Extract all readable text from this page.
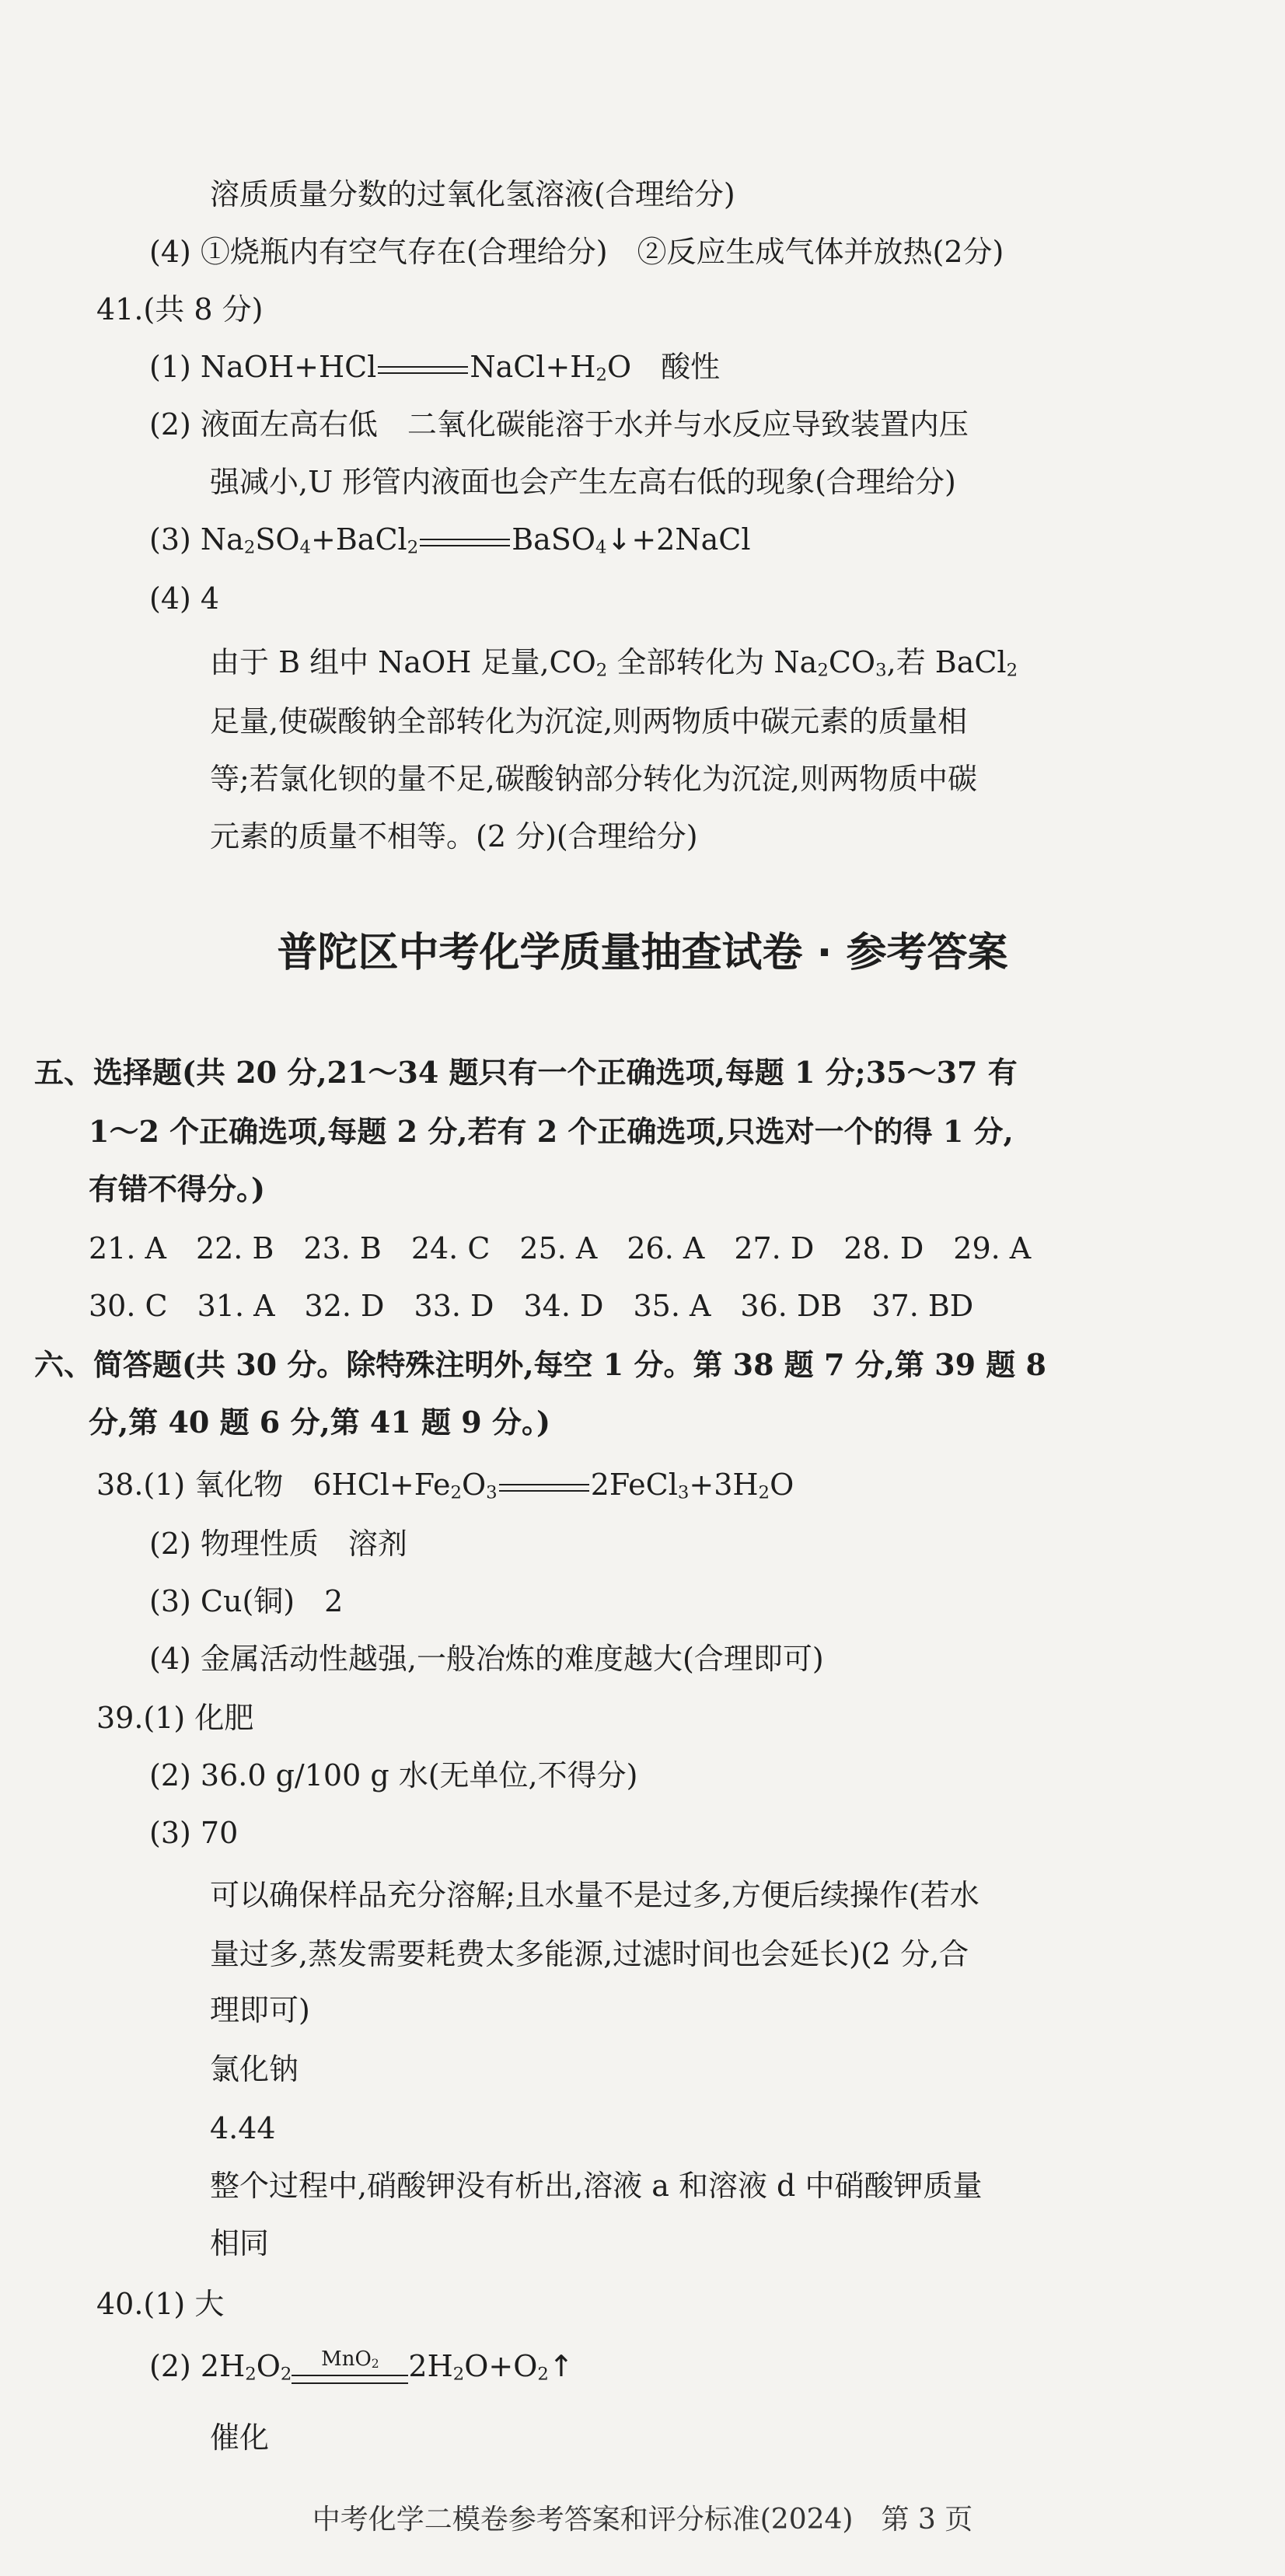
溶质质量分数的过氧化氢溶液(合理给分)
(4) ①烧瓶内有空气存在(合理给分)　②反应生成气体并放热(2分)
41.(共 8 分)
(1) NaOH+HCl	$NaCl+H_2O$　酸性
(2) 液面左高右低　二氧化碳能溶于水并与水反应导致装置内压
强减小,U 形管内液面也会产生左高右低的现象(合理给分)
(3) $Na_2SO_4+BaCl_2$	BaSO$_4$↓+2NaCl
(4) 4
由于 B 组中 NaOH 足量$,CO_2$ 全部转化为 $Na_2CO_3$,若 BaCl$_2$
足量,使碳酸钠全部转化为沉淀,则两物质中碳元素的质量相
等;若氯化钡的量不足,碳酸钠部分转化为沉淀,则两物质中碳
元素的质量不相等。(2 分)(合理给分)
普陀区中考化学质量抽查试卷 · 参考答案
五、选择题(共 20 分,21～34 题只有一个正确选项,每题 1 分;35～37 有
1～2 个正确选项,每题 2 分,若有 2 个正确选项,只选对一个的得 1 分,
有错不得分。)
21. A　22. B　23. B　24. C　25. A　26. A　27. D　28. D　29. A
30. C　31. A　32. D　33. D　34. D　35. A　36. DB　37. BD
六、简答题(共 30 分。除特殊注明外,每空 1 分。第 38 题 7 分,第 39 题 8
分,第 40 题 6 分,第 41 题 9 分。)
38.(1) 氧化物　$6HCl+Fe_2O_3$	$2FeCl_3+3H_2O$
(2) 物理性质　溶剂
(3) Cu(铜)　2
(4) 金属活动性越强,一般冶炼的难度越大(合理即可)
39.(1) 化肥
(2) 36.0 g/100 g 水(无单位,不得分)
(3) 70
可以确保样品充分溶解;且水量不是过多,方便后续操作(若水
量过多,蒸发需要耗费太多能源,过滤时间也会延长)(2 分,合
理即可)
氯化钠
4.44
整个过程中,硝酸钾没有析出,溶液 a 和溶液 d 中硝酸钾质量
相同
40.(1) 大
(2) $2H_2O_2$
MnO$_2$ $2H_2O+O_2↑$
催化
中考化学二模卷参考答案和评分标准(2024)　第 3 页
